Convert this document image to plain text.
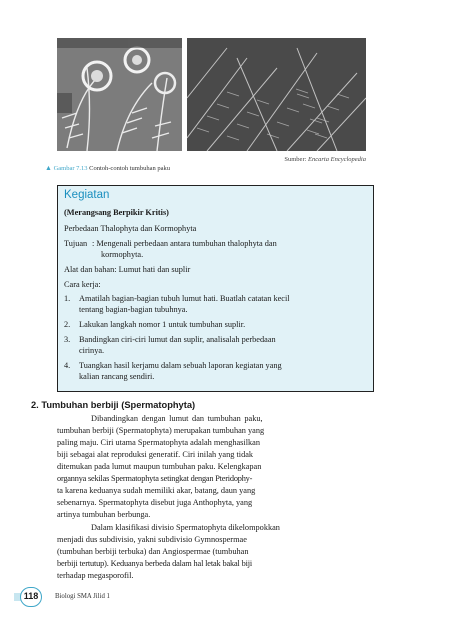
Sumber: Encarta Encyclopedia
▲ Gambar 7.13 Contoh-contoh tumbuhan paku
Kegiatan
(Merangsang Berpikir Kritis)
Perbedaan Thalophyta dan Kormophyta
Tujuan : Mengenali perbedaan antara tumbuhan thalophyta dan
kormophyta.
Alat dan bahan: Lumut hati dan suplir
Cara kerja:
1. Amatilah bagian-bagian tubuh lumut hati. Buatlah catatan kecil
tentang bagian-bagian tubuhnya.
2. Lakukan langkah nomor 1 untuk tumbuhan suplir.
3. Bandingkan ciri-ciri lumut dan suplir, analisalah perbedaan
cirinya.
4. Tuangkan hasil kerjamu dalam sebuah laporan kegiatan yang
kalian rancang sendiri.
2. Tumbuhan berbiji (Spermatophyta)
Dibandingkan dengan lumut dan tumbuhan paku,
tumbuhan berbiji (Spermatophyta) merupakan tumbuhan yang
paling maju. Ciri utama Spermatophyta adalah menghasilkan
biji sebagai alat reproduksi generatif. Ciri inilah yang tidak
ditemukan pada lumut maupun tumbuhan paku. Kelengkapan
organnya sekilas Spermatophyta setingkat dengan Pteridophy-
ta karena keduanya sudah memiliki akar, batang, daun yang
sebenarnya. Spermatophyta disebut juga Anthophyta, yang
artinya tumbuhan berbunga.
Dalam klasifikasi divisio Spermatophyta dikelompokkan
menjadi dus subdivisio, yakni subdivisio Gymnospermae
(tumbuhan berbiji terbuka) dan Angiospermae (tumbuhan
berbiji tertutup). Keduanya berbeda dalam hal letak bakal biji
terhadap megasporofil.
118	Biologi SMA Jilid 1
